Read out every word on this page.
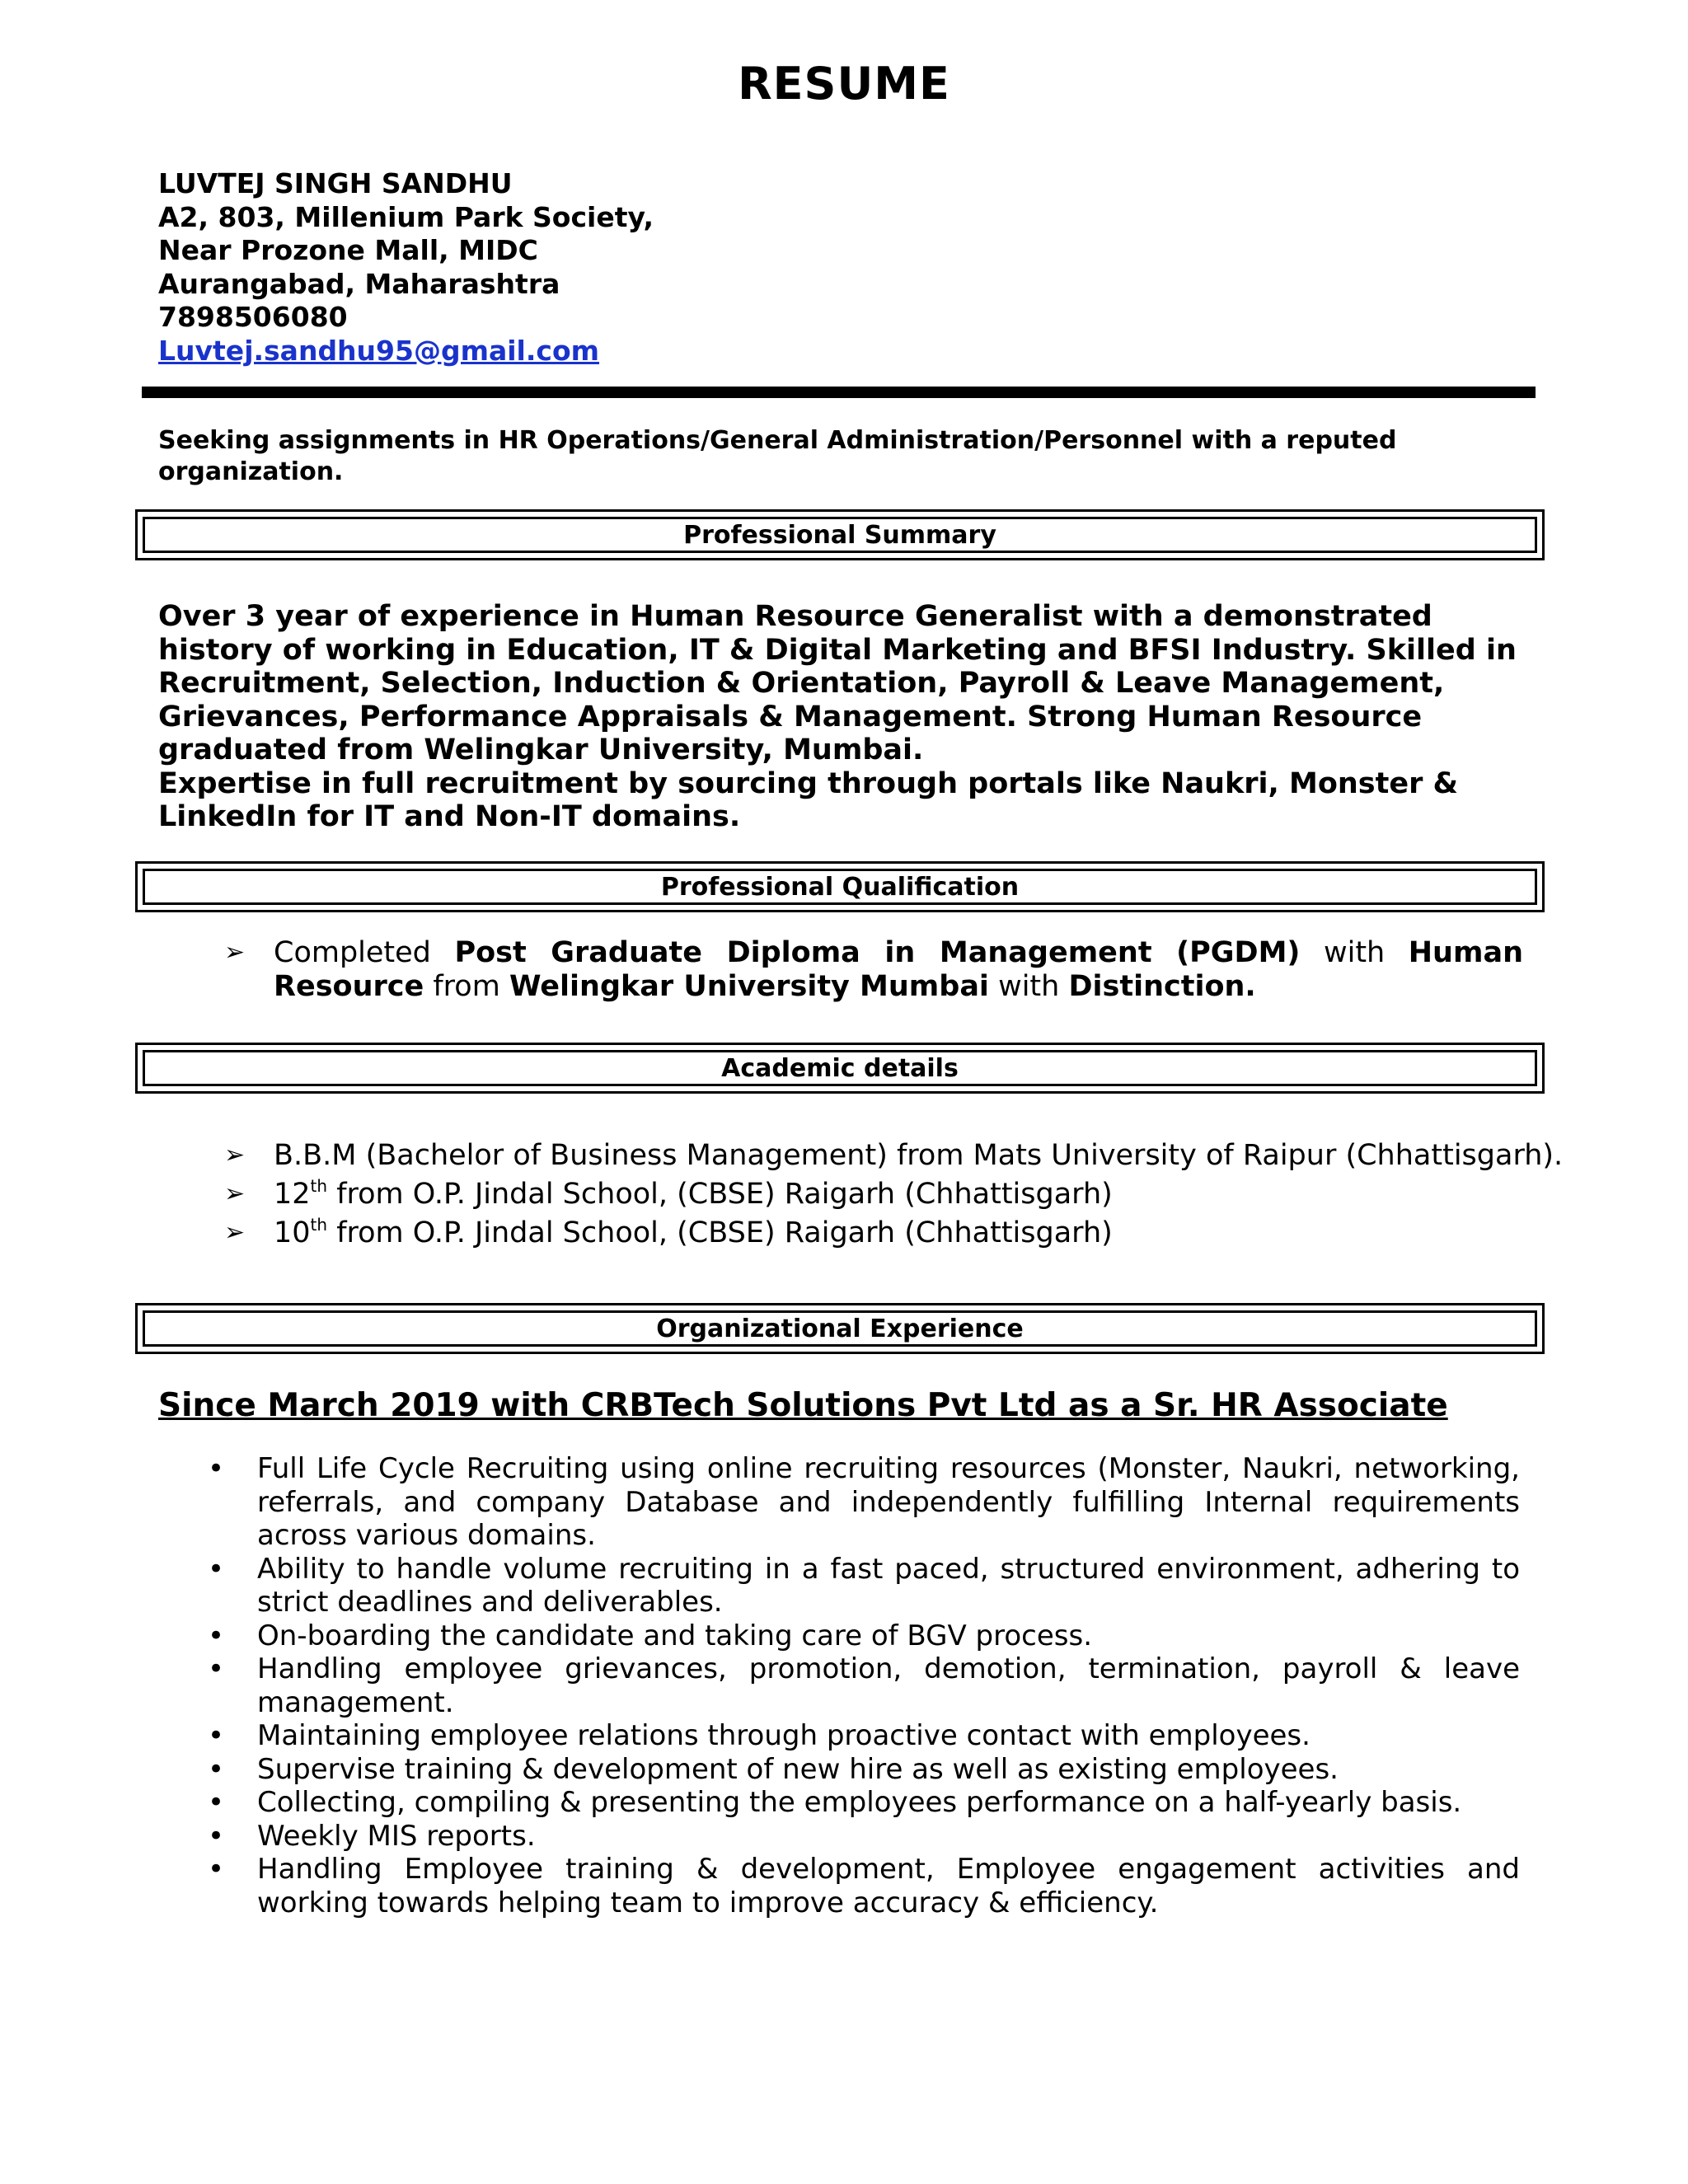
RESUME
LUVTEJ SINGH SANDHU
A2, 803, Millenium Park Society,
Near Prozone Mall, MIDC
Aurangabad, Maharashtra
7898506080
Luvtej.sandhu95@gmail.com
Seeking assignments in HR Operations/General Administration/Personnel with a reputed organization.
Professional Summary

Over 3 year of experience in Human Resource Generalist with a demonstrated history of working in Education, IT & Digital Marketing and BFSI Industry. Skilled in Recruitment, Selection, Induction & Orientation, Payroll & Leave Management, Grievances, Performance Appraisals & Management. Strong Human Resource graduated from Welingkar University, Mumbai.

Expertise in full recruitment by sourcing through portals like Naukri, Monster & LinkedIn for IT and Non-IT domains.

Professional Qualification
➢ Completed Post Graduate Diploma in Management (PGDM) with Human Resource from Welingkar University Mumbai with Distinction.
Academic details
➢ B.B.M (Bachelor of Business Management) from Mats University of Raipur (Chhattisgarh).
➢ 12th from O.P. Jindal School, (CBSE) Raigarh (Chhattisgarh)
➢ 10th from O.P. Jindal School, (CBSE) Raigarh (Chhattisgarh)
Organizational Experience
Since March 2019 with CRBTech Solutions Pvt Ltd as a Sr. HR Associate
• Full Life Cycle Recruiting using online recruiting resources (Monster, Naukri, networking, referrals, and company Database and independently fulfilling Internal requirements across various domains.
• Ability to handle volume recruiting in a fast paced, structured environment, adhering to strict deadlines and deliverables.
• On-boarding the candidate and taking care of BGV process.
• Handling employee grievances, promotion, demotion, termination, payroll & leave management.
• Maintaining employee relations through proactive contact with employees.
• Supervise training & development of new hire as well as existing employees.
• Collecting, compiling & presenting the employees performance on a half-yearly basis.
• Weekly MIS reports.
• Handling Employee training & development, Employee engagement activities and working towards helping team to improve accuracy & efficiency.
